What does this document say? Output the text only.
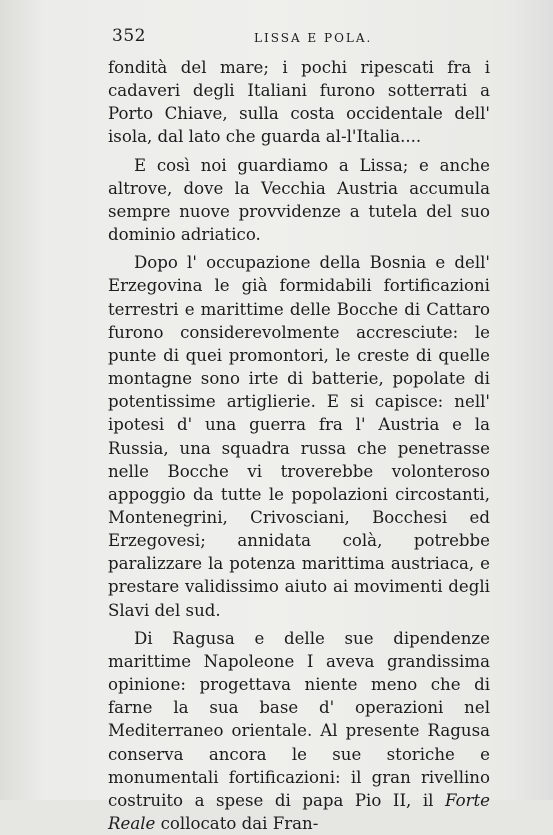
352	LISSA E POLA.

fondità del mare; i pochi ripescati fra i cadaveri degli Italiani furono sotterrati a Porto Chiave, sulla costa occidentale dell' isola, dal lato che guarda al-l'Italia....

E così noi guardiamo a Lissa; e anche altrove, dove la Vecchia Austria accumula sempre nuove provvidenze a tutela del suo dominio adriatico.

Dopo l' occupazione della Bosnia e dell' Erzegovina le già formidabili fortificazioni terrestri e marittime delle Bocche di Cattaro furono considerevolmente accresciute: le punte di quei promontori, le creste di quelle montagne sono irte di batterie, popolate di potentissime artiglierie. E si capisce: nell' ipotesi d' una guerra fra l' Austria e la Russia, una squadra russa che penetrasse nelle Bocche vi troverebbe volonteroso appoggio da tutte le popolazioni circostanti, Montenegrini, Crivosciani, Bocchesi ed Erzegovesi; annidata colà, potrebbe paralizzare la potenza marittima austriaca, e prestare validissimo aiuto ai movimenti degli Slavi del sud.

Di Ragusa e delle sue dipendenze marittime Napoleone I aveva grandissima opinione: progettava niente meno che di farne la sua base d' operazioni nel Mediterraneo orientale. Al presente Ragusa conserva ancora le sue storiche e monumentali fortificazioni: il gran rivellino costruito a spese di papa Pio II, il Forte Reale collocato dai Fran-
